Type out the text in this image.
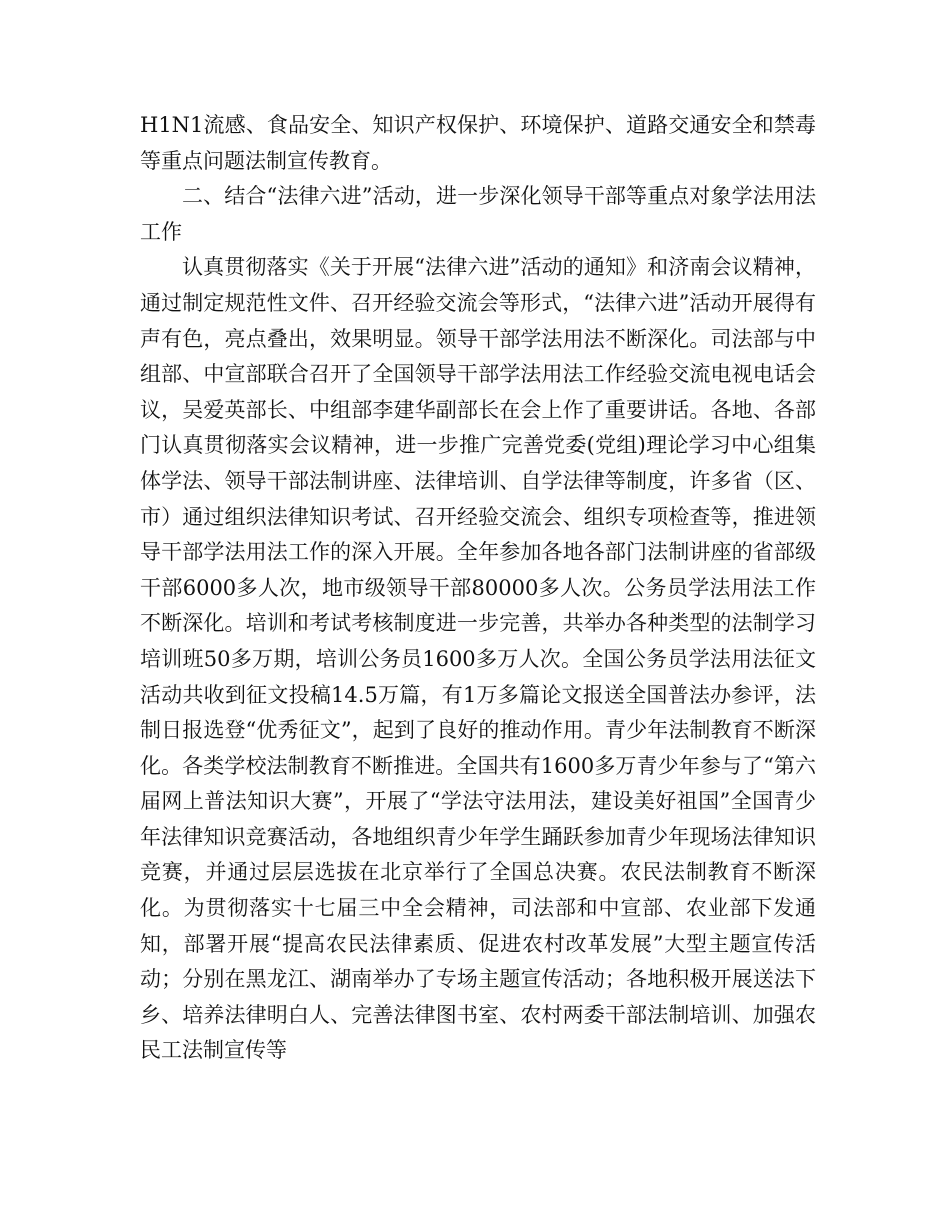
H1N1流感、食品安全、知识产权保护、环境保护、道路交通安全和禁毒等重点问题法制宣传教育。

二、结合“法律六进”活动，进一步深化领导干部等重点对象学法用法工作

认真贯彻落实《关于开展“法律六进”活动的通知》和济南会议精神，通过制定规范性文件、召开经验交流会等形式，“法律六进”活动开展得有声有色，亮点叠出，效果明显。领导干部学法用法不断深化。司法部与中组部、中宣部联合召开了全国领导干部学法用法工作经验交流电视电话会议，吴爱英部长、中组部李建华副部长在会上作了重要讲话。各地、各部门认真贯彻落实会议精神，进一步推广完善党委(党组)理论学习中心组集体学法、领导干部法制讲座、法律培训、自学法律等制度，许多省（区、市）通过组织法律知识考试、召开经验交流会、组织专项检查等，推进领导干部学法用法工作的深入开展。全年参加各地各部门法制讲座的省部级干部6000多人次，地市级领导干部80000多人次。公务员学法用法工作不断深化。培训和考试考核制度进一步完善，共举办各种类型的法制学习培训班50多万期，培训公务员1600多万人次。全国公务员学法用法征文活动共收到征文投稿14.5万篇，有1万多篇论文报送全国普法办参评，法制日报选登“优秀征文”，起到了良好的推动作用。青少年法制教育不断深化。各类学校法制教育不断推进。全国共有1600多万青少年参与了“第六届网上普法知识大赛”，开展了“学法守法用法，建设美好祖国”全国青少年法律知识竞赛活动，各地组织青少年学生踊跃参加青少年现场法律知识竞赛，并通过层层选拔在北京举行了全国总决赛。农民法制教育不断深化。为贯彻落实十七届三中全会精神，司法部和中宣部、农业部下发通知，部署开展“提高农民法律素质、促进农村改革发展”大型主题宣传活动；分别在黑龙江、湖南举办了专场主题宣传活动；各地积极开展送法下乡、培养法律明白人、完善法律图书室、农村两委干部法制培训、加强农民工法制宣传等
